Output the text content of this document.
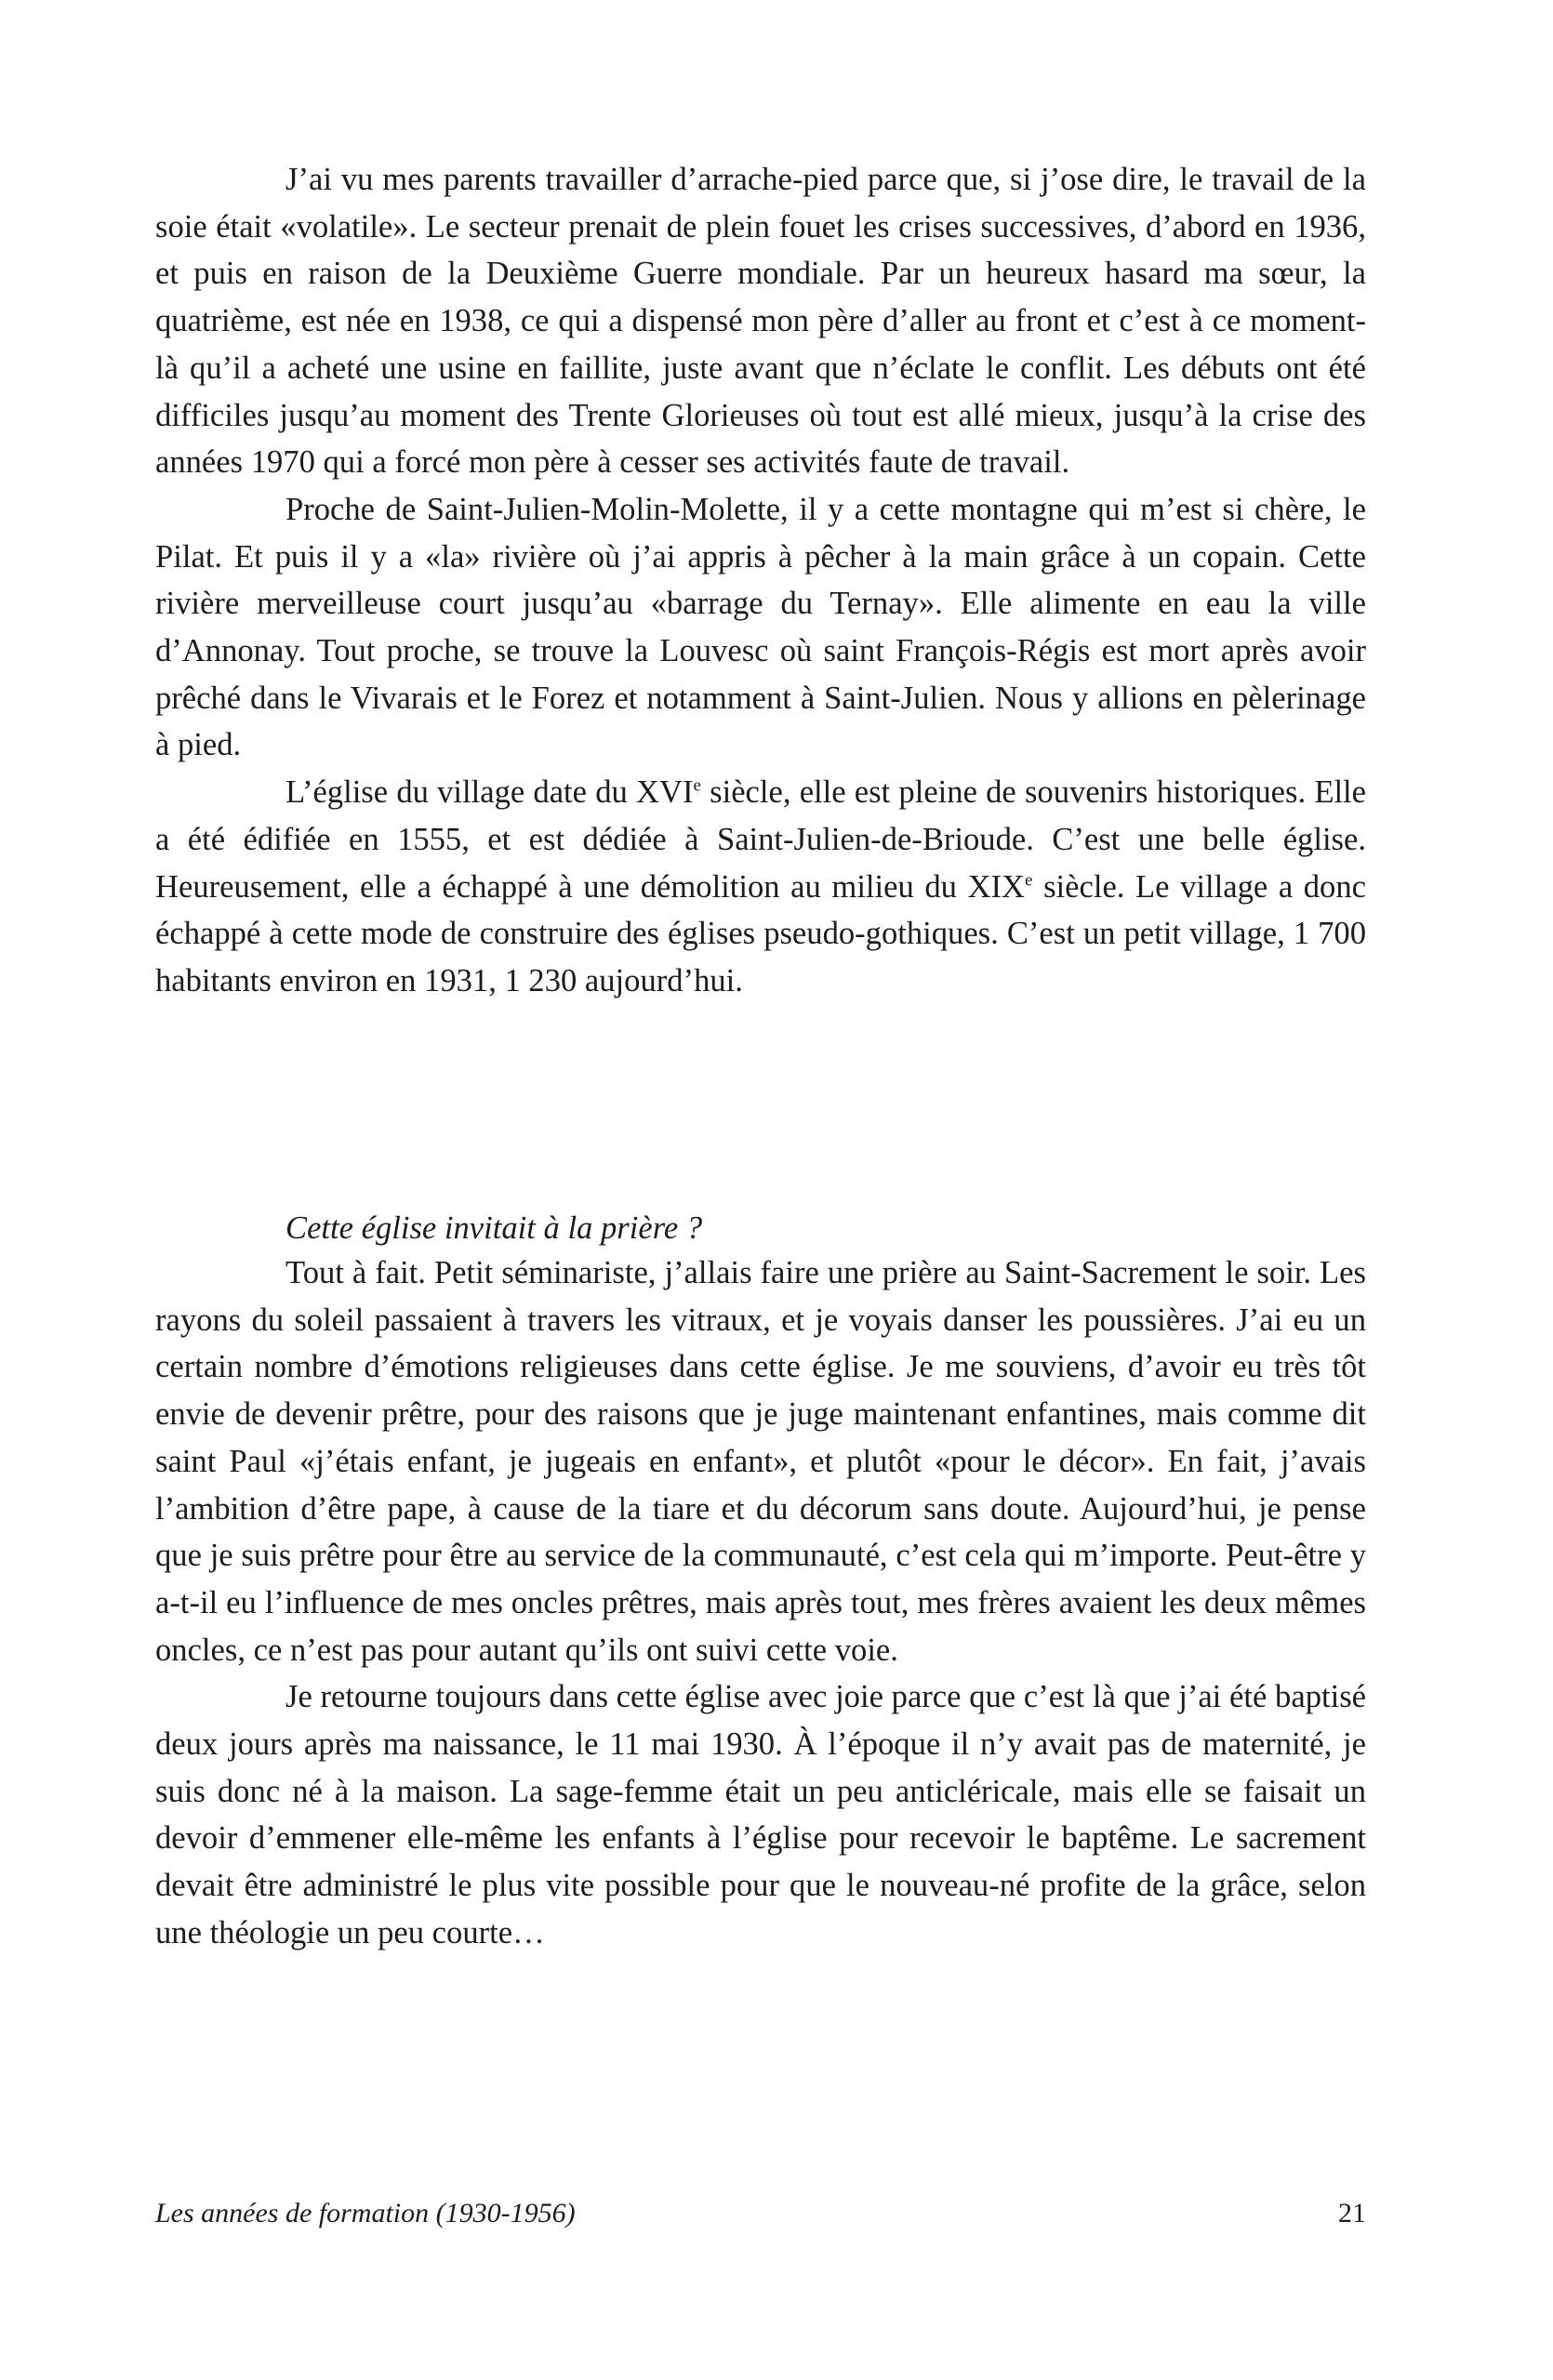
J’ai vu mes parents travailler d’arrache-pied parce que, si j’ose dire, le travail de la soie était «volatile». Le secteur prenait de plein fouet les crises successives, d’abord en 1936, et puis en raison de la Deuxième Guerre mondiale. Par un heureux hasard ma sœur, la quatrième, est née en 1938, ce qui a dispensé mon père d’aller au front et c’est à ce moment-là qu’il a acheté une usine en faillite, juste avant que n’éclate le conflit. Les débuts ont été difficiles jusqu’au moment des Trente Glorieuses où tout est allé mieux, jusqu’à la crise des années 1970 qui a forcé mon père à cesser ses activités faute de travail.

Proche de Saint-Julien-Molin-Molette, il y a cette montagne qui m’est si chère, le Pilat. Et puis il y a «la» rivière où j’ai appris à pêcher à la main grâce à un copain. Cette rivière merveilleuse court jusqu’au «barrage du Ternay». Elle alimente en eau la ville d’Annonay. Tout proche, se trouve la Louvesc où saint François-Régis est mort après avoir prêché dans le Vivarais et le Forez et notamment à Saint-Julien. Nous y allions en pèlerinage à pied.

L’église du village date du XVIe siècle, elle est pleine de souvenirs historiques. Elle a été édifiée en 1555, et est dédiée à Saint-Julien-de-Brioude. C’est une belle église. Heureusement, elle a échappé à une démolition au milieu du XIXe siècle. Le village a donc échappé à cette mode de construire des églises pseudo-gothiques. C’est un petit village, 1 700 habitants environ en 1931, 1 230 aujourd’hui.

Cette église invitait à la prière ?

Tout à fait. Petit séminariste, j’allais faire une prière au Saint-Sacrement le soir. Les rayons du soleil passaient à travers les vitraux, et je voyais danser les poussières. J’ai eu un certain nombre d’émotions religieuses dans cette église. Je me souviens, d’avoir eu très tôt envie de devenir prêtre, pour des raisons que je juge maintenant enfantines, mais comme dit saint Paul «j’étais enfant, je jugeais en enfant», et plutôt «pour le décor». En fait, j’avais l’ambition d’être pape, à cause de la tiare et du décorum sans doute. Aujourd’hui, je pense que je suis prêtre pour être au service de la communauté, c’est cela qui m’importe. Peut-être y a-t-il eu l’influence de mes oncles prêtres, mais après tout, mes frères avaient les deux mêmes oncles, ce n’est pas pour autant qu’ils ont suivi cette voie.

Je retourne toujours dans cette église avec joie parce que c’est là que j’ai été baptisé deux jours après ma naissance, le 11 mai 1930. À l’époque il n’y avait pas de maternité, je suis donc né à la maison. La sage-femme était un peu anticléricale, mais elle se faisait un devoir d’emmener elle-même les enfants à l’église pour recevoir le baptême. Le sacrement devait être administré le plus vite possible pour que le nouveau-né profite de la grâce, selon une théologie un peu courte…

Les années de formation (1930-1956)	21
